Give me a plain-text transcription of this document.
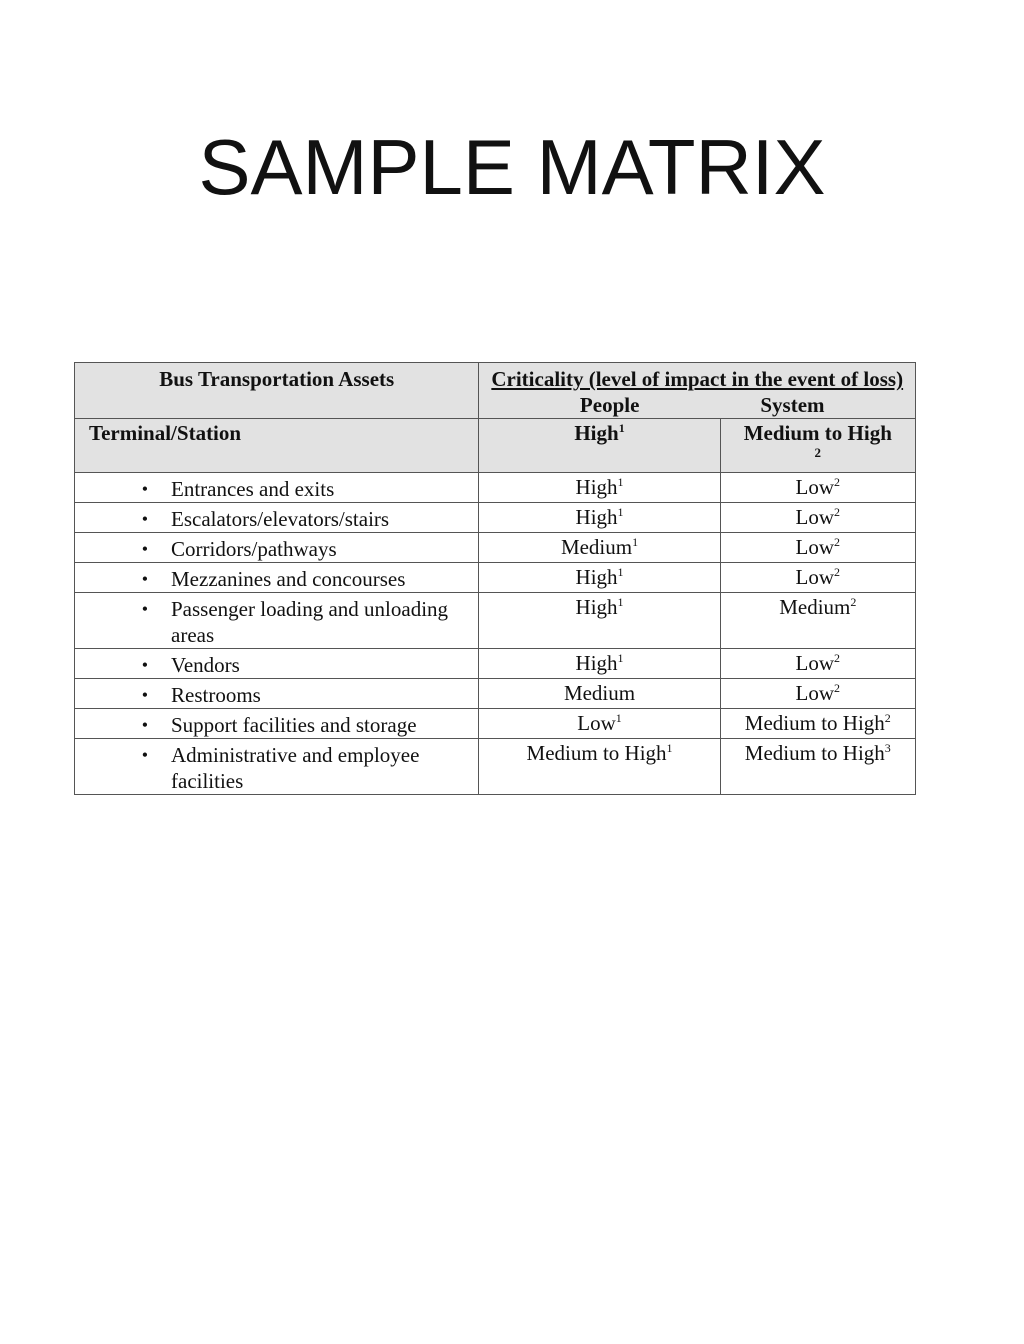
SAMPLE MATRIX
Bus Transportation Assets	Criticality (level of impact in the event of loss)
People System	

Terminal/Station	High$^1$	Medium to High
2

• Entrances and exits	High$^1$	Low$^2$

• Escalators/elevators/stairs	High$^1$	Low$^2$

• Corridors/pathways	Medium$^1$	Low$^2$

• Mezzanines and concourses	High$^1$	Low$^2$

• Passenger loading and unloading areas	High$^1$	Medium$^2$

• Vendors	High$^1$	Low$^2$

• Restrooms	Medium	Low$^2$

• Support facilities and storage	Low$^1$	Medium to High$^2$

• Administrative and employee facilities	Medium to High$^1$	Medium to High$^3$
